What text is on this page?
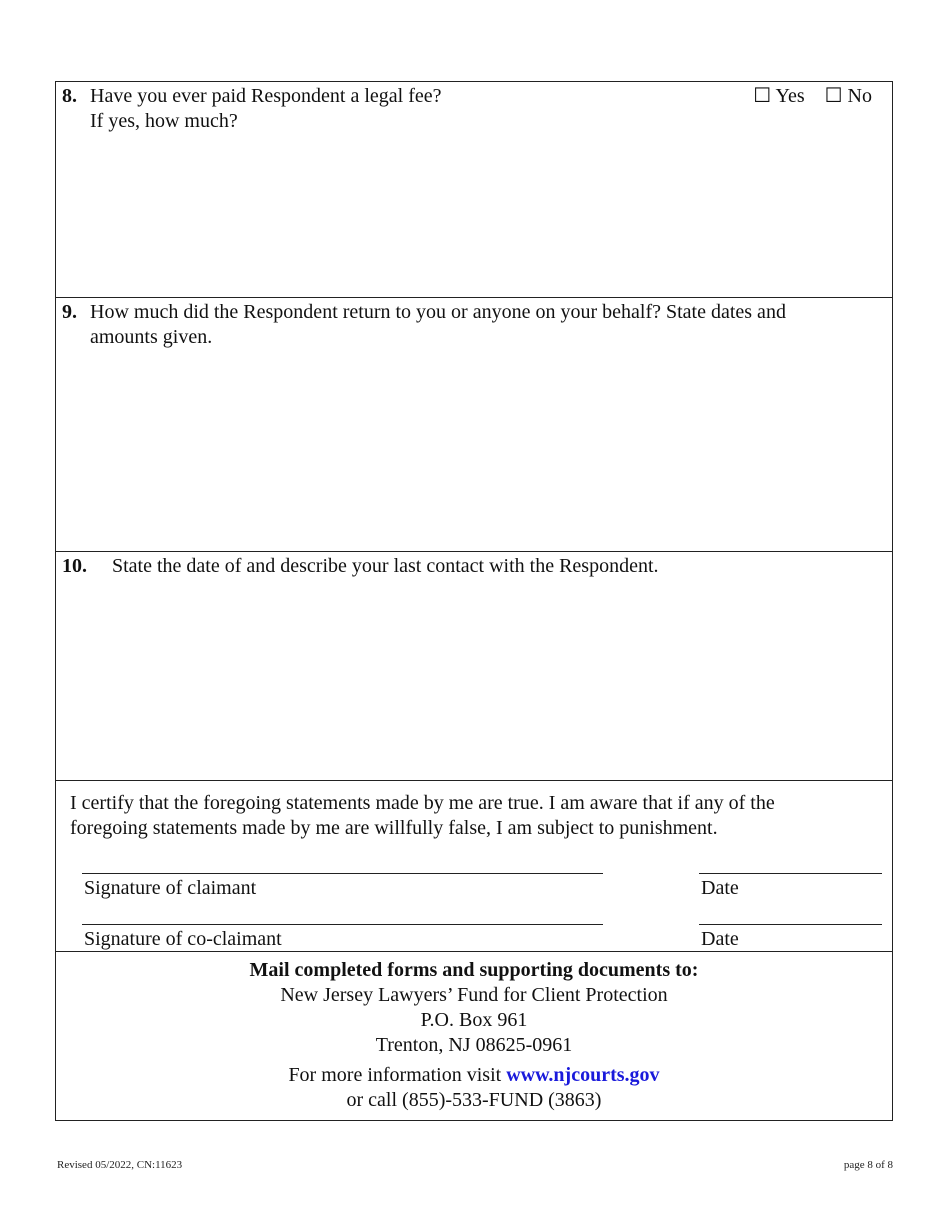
8. Have you ever paid Respondent a legal fee?
If yes, how much?
☐ Yes ☐ No
9. How much did the Respondent return to you or anyone on your behalf? State dates and
amounts given.
10. State the date of and describe your last contact with the Respondent.
I certify that the foregoing statements made by me are true. I am aware that if any of the
foregoing statements made by me are willfully false, I am subject to punishment.
Signature of claimant	Date
Signature of co-claimant	Date
Mail completed forms and supporting documents to:
New Jersey Lawyers’ Fund for Client Protection
P.O. Box 961
Trenton, NJ 08625-0961
For more information visit www.njcourts.gov
or call (855)-533-FUND (3863)
Revised 05/2022, CN:11623	page 8 of 8
